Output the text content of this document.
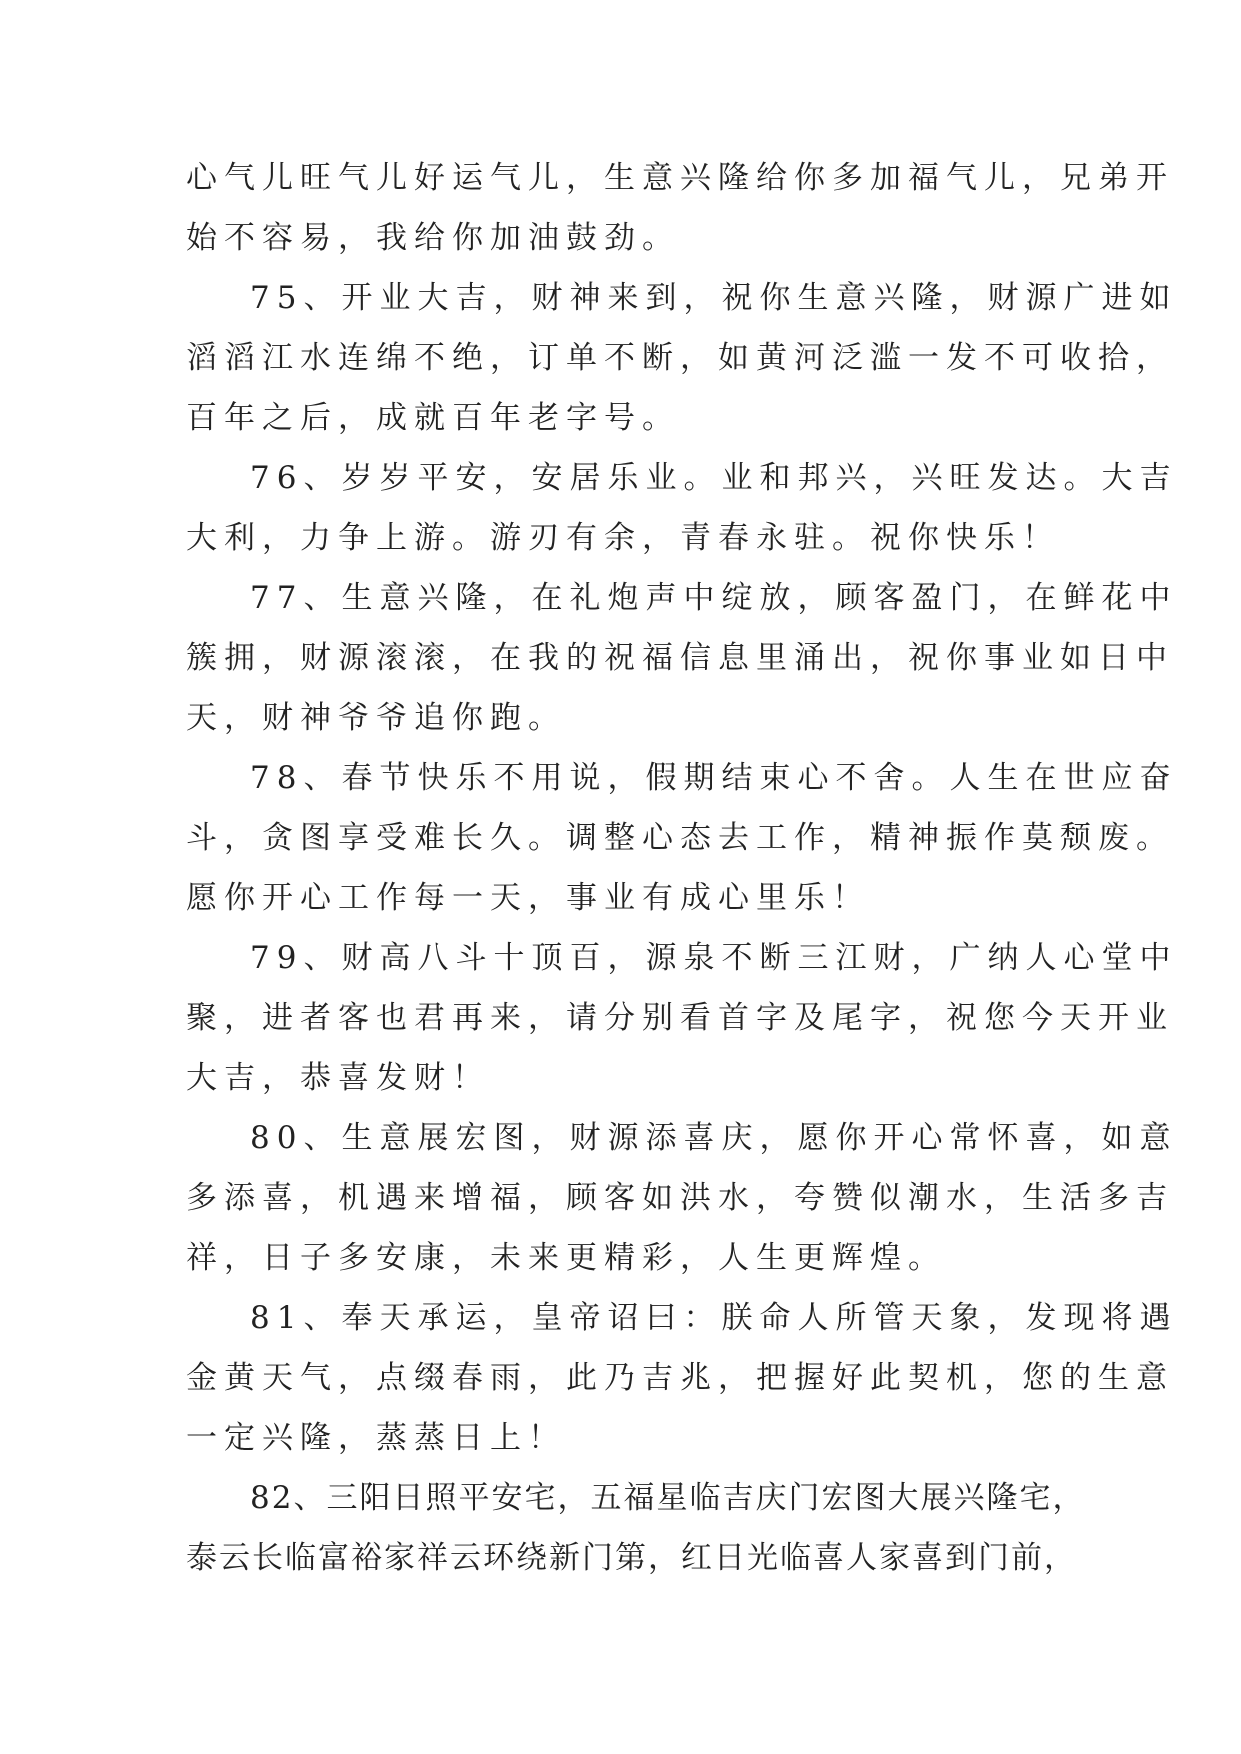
心气儿旺气儿好运气儿，生意兴隆给你多加福气儿，兄弟开
始不容易，我给你加油鼓劲。

75、开业大吉，财神来到，祝你生意兴隆，财源广进如
滔滔江水连绵不绝，订单不断，如黄河泛滥一发不可收拾，
百年之后，成就百年老字号。

76、岁岁平安，安居乐业。业和邦兴，兴旺发达。大吉
大利，力争上游。游刃有余，青春永驻。祝你快乐！

77、生意兴隆，在礼炮声中绽放，顾客盈门，在鲜花中
簇拥，财源滚滚，在我的祝福信息里涌出，祝你事业如日中
天，财神爷爷追你跑。

78、春节快乐不用说，假期结束心不舍。人生在世应奋
斗，贪图享受难长久。调整心态去工作，精神振作莫颓废。
愿你开心工作每一天，事业有成心里乐！

79、财高八斗十顶百，源泉不断三江财，广纳人心堂中
聚，进者客也君再来，请分别看首字及尾字，祝您今天开业
大吉，恭喜发财！

80、生意展宏图，财源添喜庆，愿你开心常怀喜，如意
多添喜，机遇来增福，顾客如洪水，夸赞似潮水，生活多吉
祥，日子多安康，未来更精彩，人生更辉煌。

81、奉天承运，皇帝诏曰：朕命人所管天象，发现将遇
金黄天气，点缀春雨，此乃吉兆，把握好此契机，您的生意
一定兴隆，蒸蒸日上！

82、三阳日照平安宅，五福星临吉庆门宏图大展兴隆宅，
泰云长临富裕家祥云环绕新门第，红日光临喜人家喜到门前，
